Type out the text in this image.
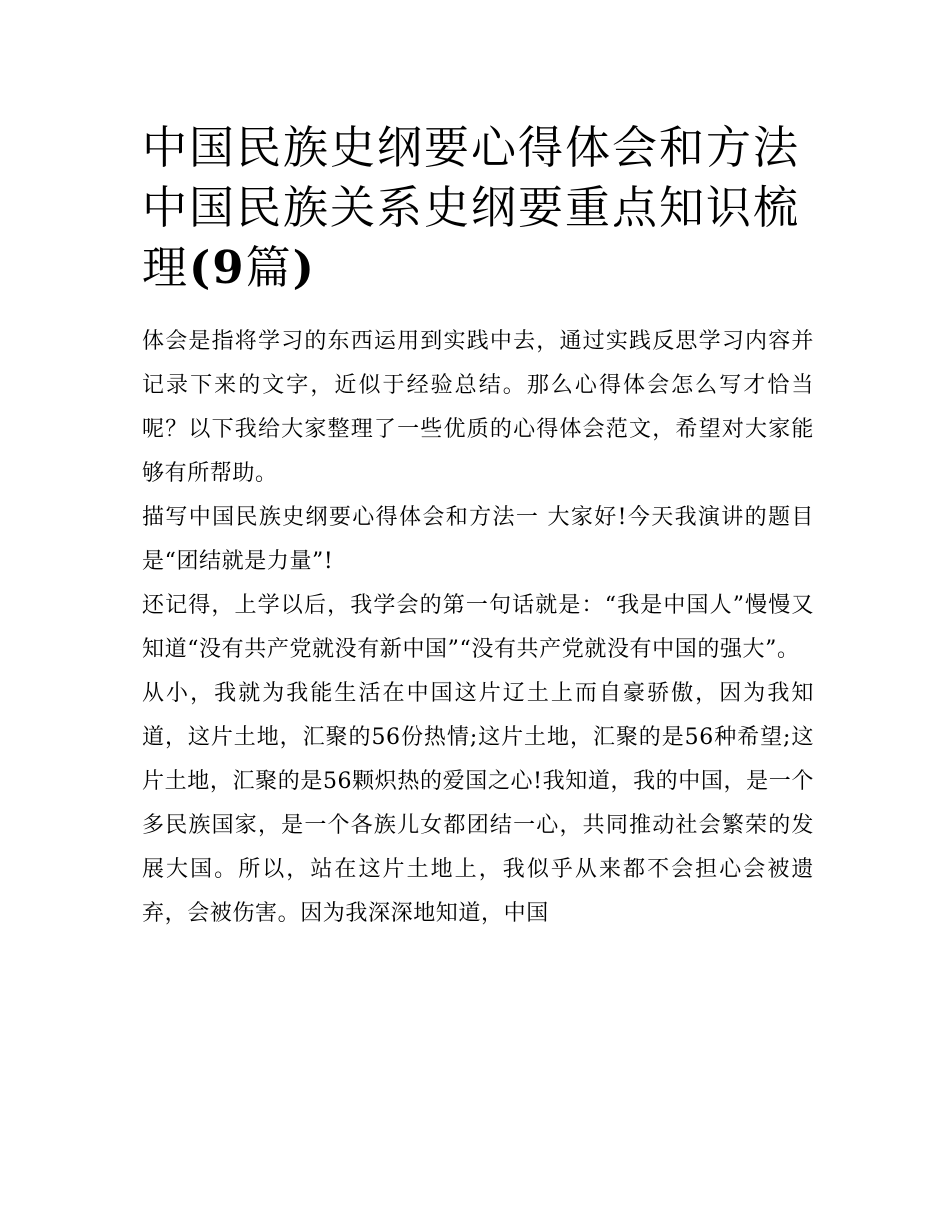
中国民族史纲要心得体会和方法 中国民族关系史纲要重点知识梳理(9篇)

体会是指将学习的东西运用到实践中去，通过实践反思学习内容并记录下来的文字，近似于经验总结。那么心得体会怎么写才恰当呢？以下我给大家整理了一些优质的心得体会范文，希望对大家能够有所帮助。

描写中国民族史纲要心得体会和方法一 大家好!今天我演讲的题目是“团结就是力量”!

还记得，上学以后，我学会的第一句话就是：“我是中国人”慢慢又知道“没有共产党就没有新中国”“没有共产党就没有中国的强大”。

从小，我就为我能生活在中国这片辽土上而自豪骄傲，因为我知道，这片土地，汇聚的56份热情;这片土地，汇聚的是56种希望;这片土地，汇聚的是56颗炽热的爱国之心!我知道，我的中国，是一个多民族国家，是一个各族儿女都团结一心，共同推动社会繁荣的发展大国。所以，站在这片土地上，我似乎从来都不会担心会被遗弃，会被伤害。因为我深深地知道，中国
